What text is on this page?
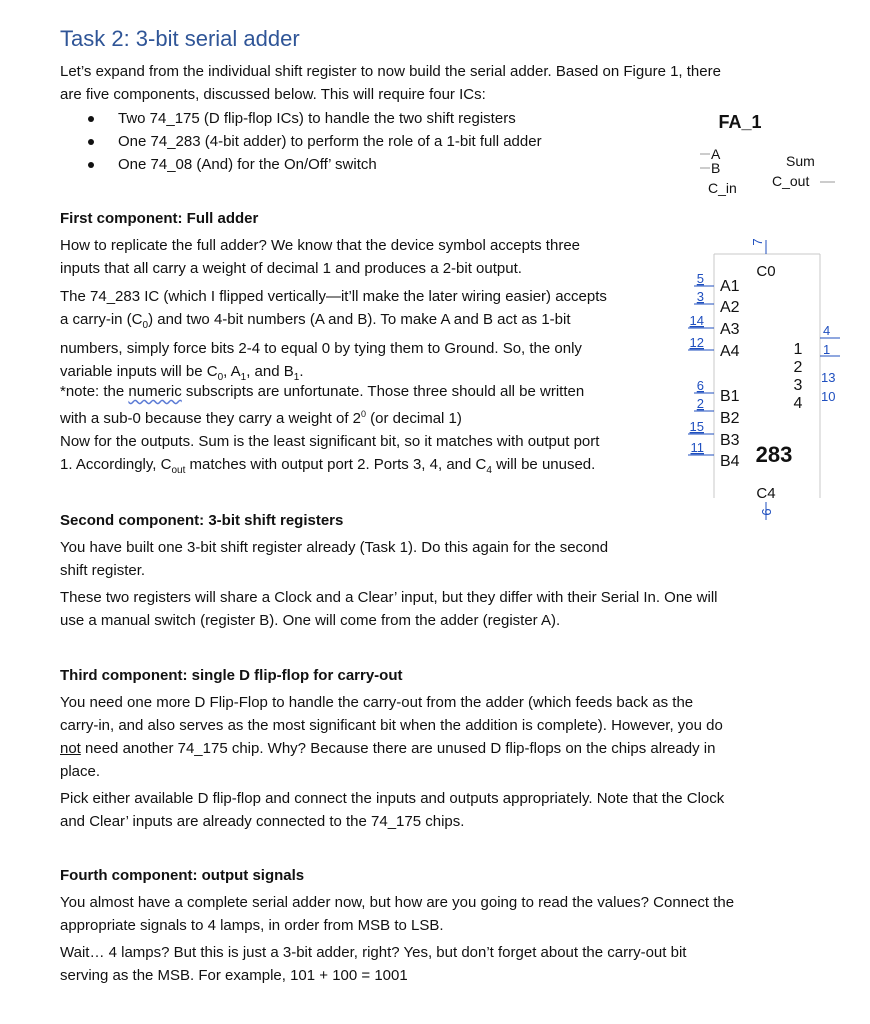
Task 2: 3-bit serial adder
Let’s expand from the individual shift register to now build the serial adder. Based on Figure 1, there
are five components, discussed below. This will require four ICs:
Two 74_175 (D flip-flop ICs) to handle the two shift registers
One 74_283 (4-bit adder) to perform the role of a 1-bit full adder
One 74_08 (And) for the On/Off’ switch
FA_1
A
B
C_in
Sum
C_out
7
C0
5
3
14
12
A1
A2
A3
A4
6
2
15
11
B1
B2
B3
B4 283
1
2
3
4
4
1
13
10
C4
9
First component: Full adder
How to replicate the full adder? We know that the device symbol accepts three
inputs that all carry a weight of decimal 1 and produces a 2-bit output.
The 74_283 IC (which I flipped vertically—it’ll make the later wiring easier) accepts
a carry-in $(C_0)$ and two 4-bit numbers (A and B). To make A and B act as 1-bit
numbers, simply force bits 2-4 to equal 0 by tying them to Ground. So, the only
variable inputs will be $C_0$, $A_1$, and $B_1$.
*note: the numeric subscripts are unfortunate. Those three should all be written
with a sub-0 because they carry a weight of $2^0$ (or decimal 1)
Now for the outputs. Sum is the least significant bit, so it matches with output port
1. Accordingly, $C_{out}$ matches with output port 2. Ports 3, 4, and $C_4$ will be unused.
Second component: 3-bit shift registers
You have built one 3-bit shift register already (Task 1). Do this again for the second
shift register.
These two registers will share a Clock and a Clear’ input, but they differ with their Serial In. One will
use a manual switch (register B). One will come from the adder (register A).
Third component: single D flip-flop for carry-out
You need one more D Flip-Flop to handle the carry-out from the adder (which feeds back as the
carry-in, and also serves as the most significant bit when the addition is complete). However, you do
not need another 74_175 chip. Why? Because there are unused D flip-flops on the chips already in
place.
Pick either available D flip-flop and connect the inputs and outputs appropriately. Note that the Clock
and Clear’ inputs are already connected to the 74_175 chips.
Fourth component: output signals
You almost have a complete serial adder now, but how are you going to read the values? Connect the
appropriate signals to 4 lamps, in order from MSB to LSB.
Wait… 4 lamps? But this is just a 3-bit adder, right? Yes, but don’t forget about the carry-out bit
serving as the MSB. For example, 101 + 100 = 1001
